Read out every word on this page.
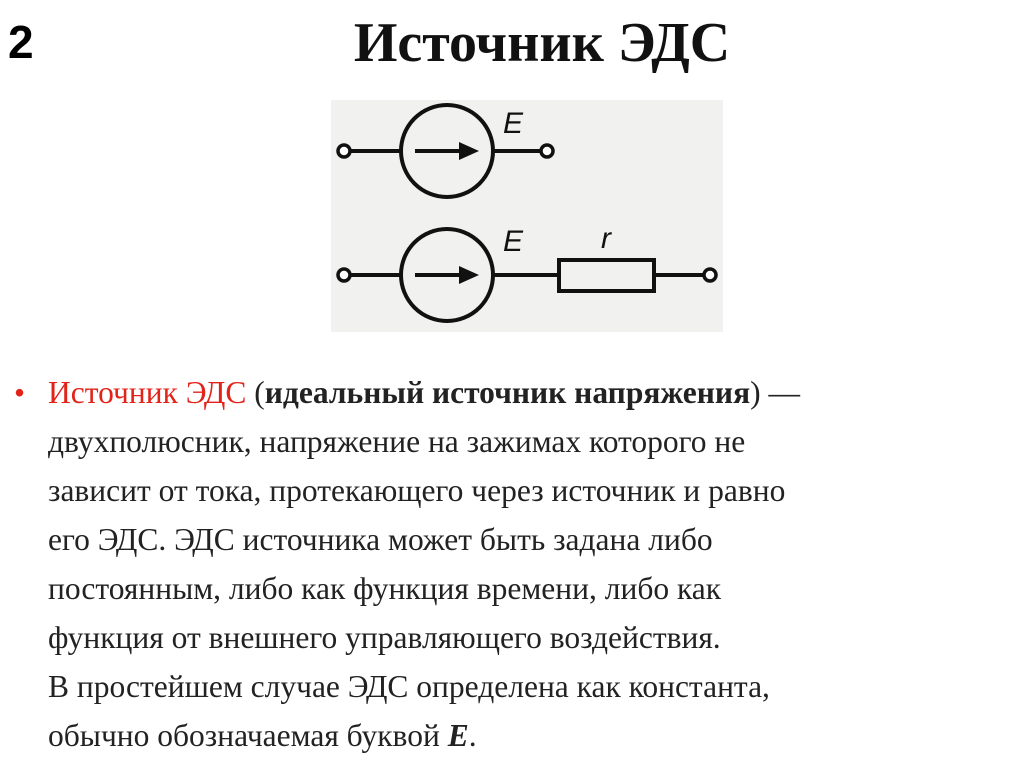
2	Источник ЭДС
E
E	r
• Источник ЭДС (идеальный источник напряжения) —
двухполюсник, напряжение на зажимах которого не
зависит от тока, протекающего через источник и равно
его ЭДС. ЭДС источника может быть задана либо
постоянным, либо как функция времени, либо как
функция от внешнего управляющего воздействия.
В простейшем случае ЭДС определена как константа,
обычно обозначаемая буквой E.
